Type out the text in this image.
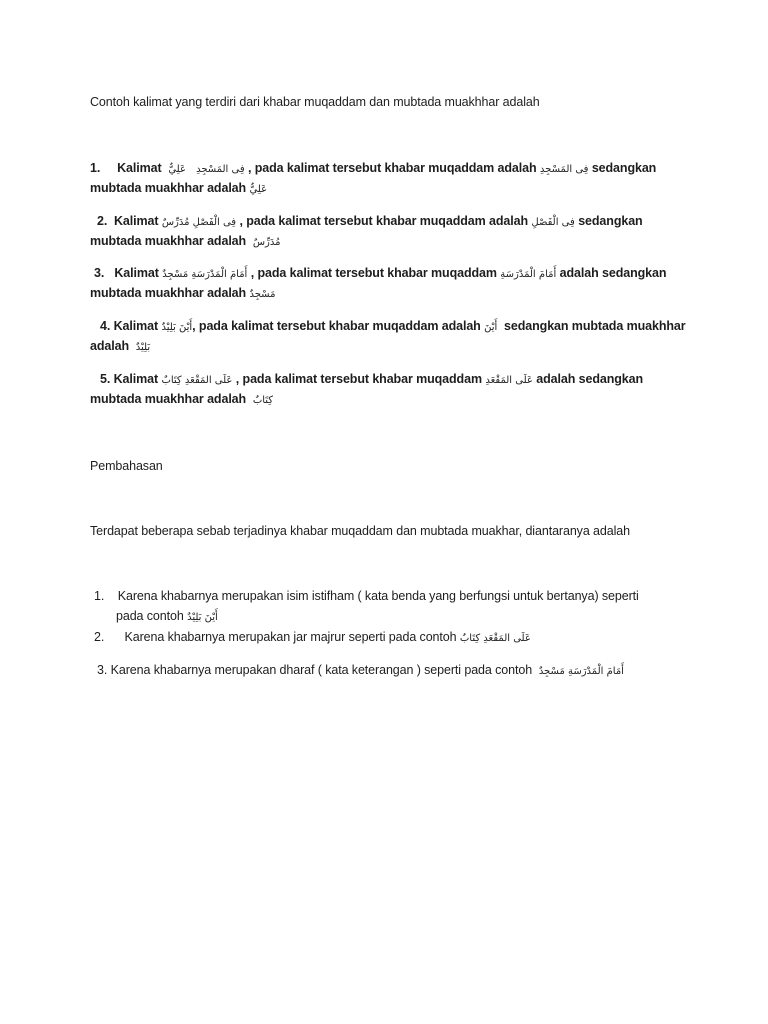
Contoh kalimat yang terdiri dari khabar muqaddam dan mubtada muakhhar adalah
1. Kalimat عَلِيٌّ فِى المَسْجِدِ , pada kalimat tersebut khabar muqaddam adalah فِى المَسْجِدِ sedangkan
mubtada muakhhar adalah عَلِيٌّ
2. Kalimat فِى الْفَصْلِ مُدَرِّسٌ , pada kalimat tersebut khabar muqaddam adalah فِى الْفَصْلِ sedangkan
mubtada muakhhar adalah مُدَرِّسٌ
3. Kalimat أَمَامَ الْمَدْرَسَةِ مَسْجِدٌ , pada kalimat tersebut khabar muqaddam أَمَامَ الْمَدْرَسَةِ adalah sedangkan
mubtada muakhhar adalah مَسْجِدٌ
4. Kalimat أَيْنَ بَلِيْدٌ, pada kalimat tersebut khabar muqaddam adalah أَيْنَ sedangkan mubtada muakhhar
adalah بَلِيْدٌ
5. Kalimat عَلَى المَقْعَدِ كِتَابٌ , pada kalimat tersebut khabar muqaddam عَلَى المَقْعَدِ adalah sedangkan
mubtada muakhhar adalah كِتَابٌ
Pembahasan
Terdapat beberapa sebab terjadinya khabar muqaddam dan mubtada muakhar, diantaranya adalah
1. Karena khabarnya merupakan isim istifham ( kata benda yang berfungsi untuk bertanya) seperti
pada contoh أَيْنَ بَلِيْدٌ
2. Karena khabarnya merupakan jar majrur seperti pada contoh عَلَى المَقْعَدِ كِتَابٌ
3. Karena khabarnya merupakan dharaf ( kata keterangan ) seperti pada contoh أَمَامَ الْمَدْرَسَةِ مَسْجِدٌ
